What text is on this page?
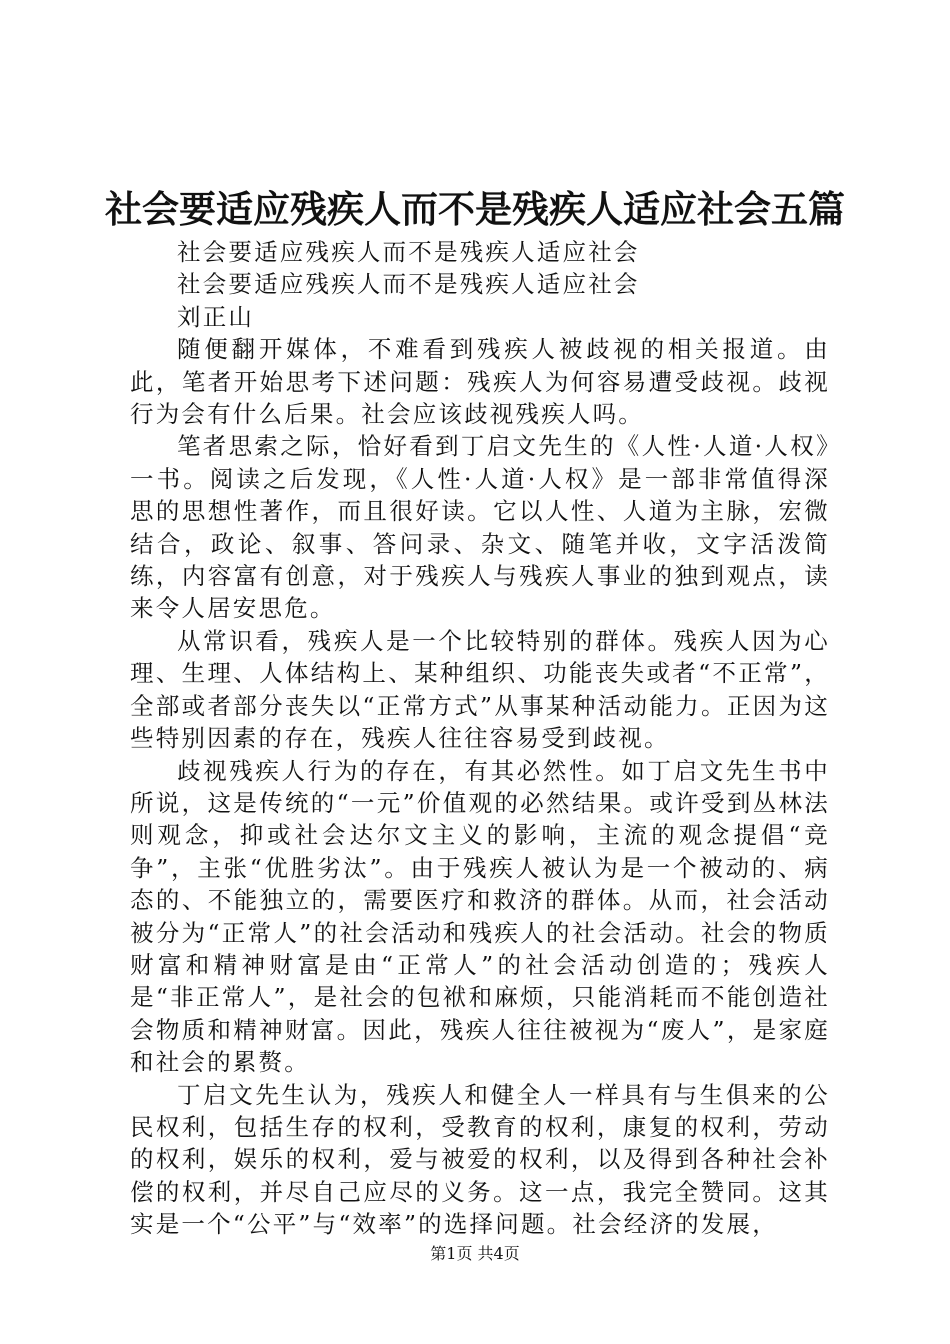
社会要适应残疾人而不是残疾人适应社会五篇

社会要适应残疾人而不是残疾人适应社会

社会要适应残疾人而不是残疾人适应社会

刘正山

随便翻开媒体，不难看到残疾人被歧视的相关报道。由此，笔者开始思考下述问题：残疾人为何容易遭受歧视。歧视行为会有什么后果。社会应该歧视残疾人吗。

笔者思索之际，恰好看到丁启文先生的《人性·人道·人权》一书。阅读之后发现，《人性·人道·人权》是一部非常值得深思的思想性著作，而且很好读。它以人性、人道为主脉，宏微结合，政论、叙事、答问录、杂文、随笔并收，文字活泼简练，内容富有创意，对于残疾人与残疾人事业的独到观点，读来令人居安思危。

从常识看，残疾人是一个比较特别的群体。残疾人因为心理、生理、人体结构上、某种组织、功能丧失或者“不正常”，全部或者部分丧失以“正常方式”从事某种活动能力。正因为这些特别因素的存在，残疾人往往容易受到歧视。

歧视残疾人行为的存在，有其必然性。如丁启文先生书中所说，这是传统的“一元”价值观的必然结果。或许受到丛林法则观念，抑或社会达尔文主义的影响，主流的观念提倡“竞争”，主张“优胜劣汰”。由于残疾人被认为是一个被动的、病态的、不能独立的，需要医疗和救济的群体。从而，社会活动被分为“正常人”的社会活动和残疾人的社会活动。社会的物质财富和精神财富是由“正常人”的社会活动创造的；残疾人是“非正常人”，是社会的包袱和麻烦，只能消耗而不能创造社会物质和精神财富。因此，残疾人往往被视为“废人”，是家庭和社会的累赘。

丁启文先生认为，残疾人和健全人一样具有与生俱来的公民权利，包括生存的权利，受教育的权利，康复的权利，劳动的权利，娱乐的权利，爱与被爱的权利，以及得到各种社会补偿的权利，并尽自己应尽的义务。这一点，我完全赞同。这其实是一个“公平”与“效率”的选择问题。社会经济的发展，

第1页 共4页
